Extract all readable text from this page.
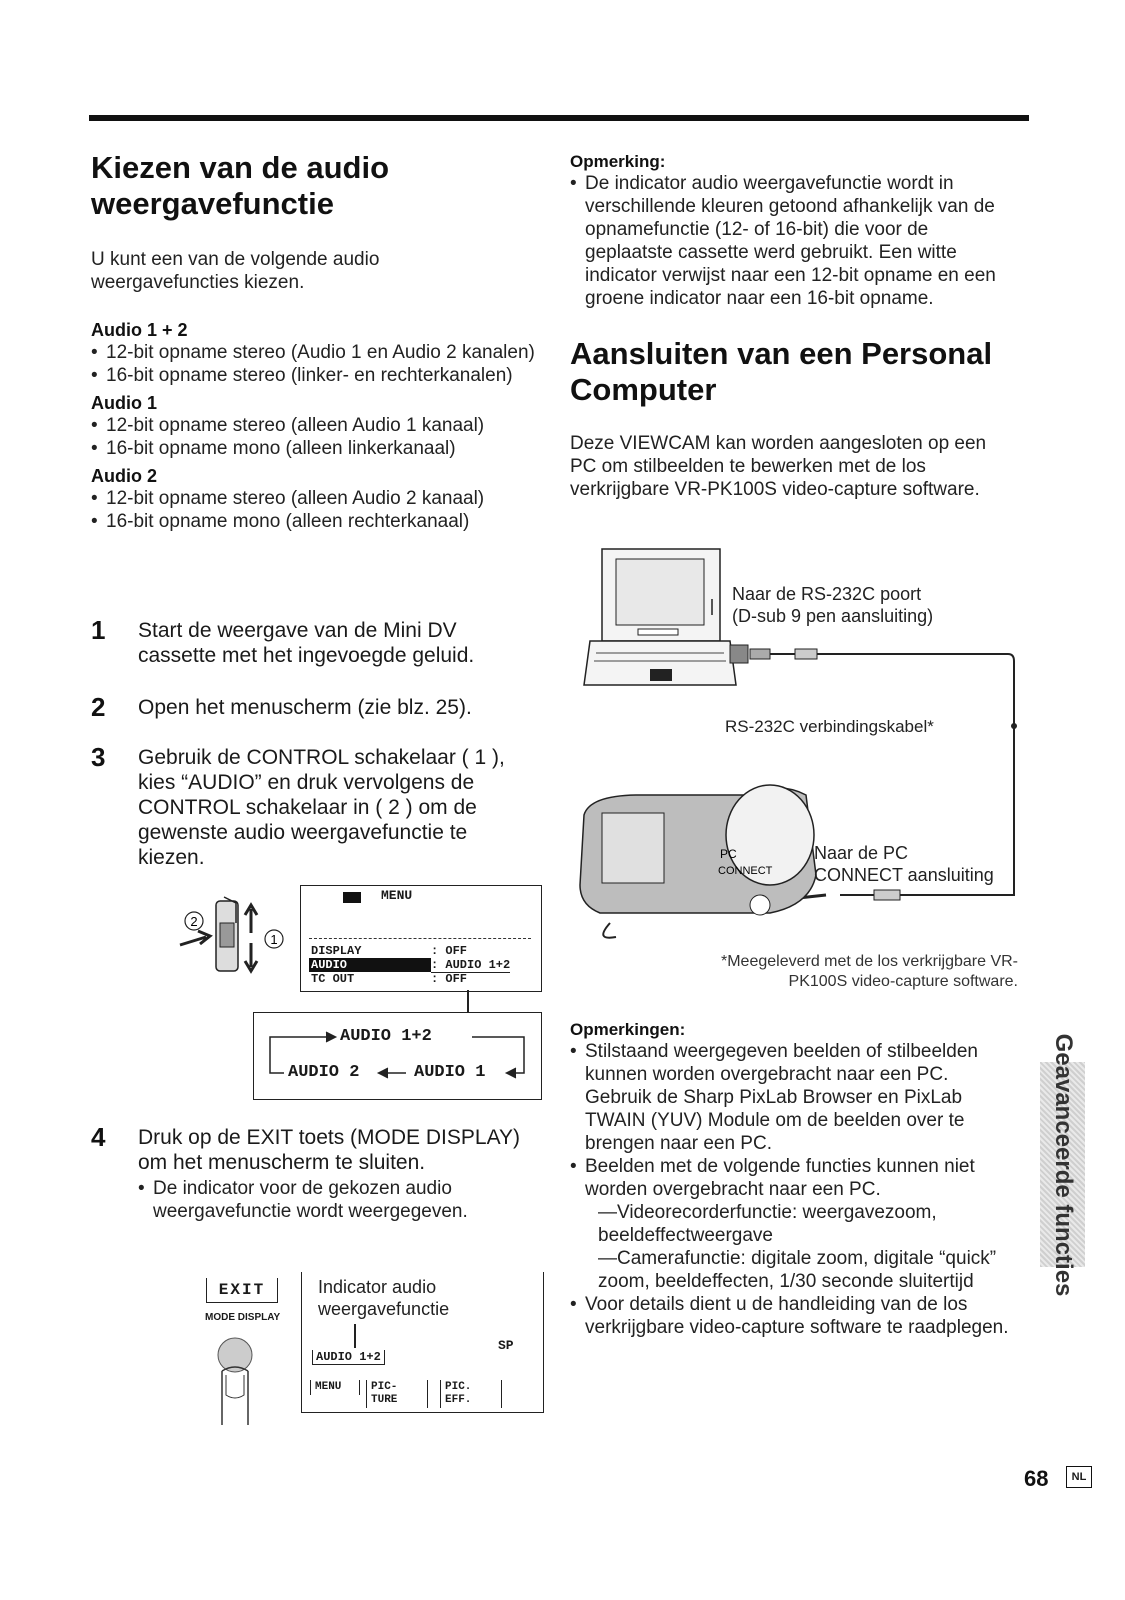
Kiezen van de audio weergavefunctie
U kunt een van de volgende audio weergavefuncties kiezen.
Audio 1 + 2
• 12-bit opname stereo (Audio 1 en Audio 2 kanalen)
• 16-bit opname stereo (linker- en rechterkanalen)
Audio 1
• 12-bit opname stereo (alleen Audio 1 kanaal)
• 16-bit opname mono (alleen linkerkanaal)
Audio 2
• 12-bit opname stereo (alleen Audio 2 kanaal)
• 16-bit opname mono (alleen rechterkanaal)
1 Start de weergave van de Mini DV cassette met het ingevoegde geluid.
2 Open het menuscherm (zie blz. 25).
3 Gebruik de CONTROL schakelaar ( 1 ), kies “AUDIO” en druk vervolgens de CONTROL schakelaar in ( 2 ) om de gewenste audio weergavefunctie te kiezen.
4 Druk op de EXIT toets (MODE DISPLAY) om het menuscherm te sluiten.
• De indicator voor de gekozen audio weergavefunctie wordt weergegeven.
2
1
MENU
DISPLAY	: OFF
AUDIO	: AUDIO 1+2
TC OUT	: OFF
AUDIO 1+2
AUDIO 1
AUDIO 2
EXIT
MODE DISPLAY
Indicator audio weergavefunctie
AUDIO 1+2
SP
MENU	PIC-TURE
PIC. EFF.
Opmerking:
• De indicator audio weergavefunctie wordt in verschillende kleuren getoond afhankelijk van de opnamefunctie (12- of 16-bit) die voor de geplaatste cassette werd gebruikt. Een witte indicator verwijst naar een 12-bit opname en een groene indicator naar een 16-bit opname.
Aansluiten van een Personal Computer
Deze VIEWCAM kan worden aangesloten op een PC om stilbeelden te bewerken met de los verkrijgbare VR-PK100S video-capture software.
PC
CONNECT
Naar de RS-232C poort
(D-sub 9 pen aansluiting)
RS-232C verbindingskabel*
Naar de PC
CONNECT aansluiting
*Meegeleverd met de los verkrijgbare VR-PK100S video-capture software.
Opmerkingen:
• Stilstaand weergegeven beelden of stilbeelden kunnen worden overgebracht naar een PC. Gebruik de Sharp PixLab Browser en PixLab TWAIN (YUV) Module om de beelden over te brengen naar een PC.
• Beelden met de volgende functies kunnen niet worden overgebracht naar een PC.
—Videorecorderfunctie: weergavezoom, beeldeffectweergave
—Camerafunctie: digitale zoom, digitale “quick” zoom, beeldeffecten, 1/30 seconde sluitertijd
• Voor details dient u de handleiding van de los verkrijgbare video-capture software te raadplegen.
Geavanceerde functies
68	NL
